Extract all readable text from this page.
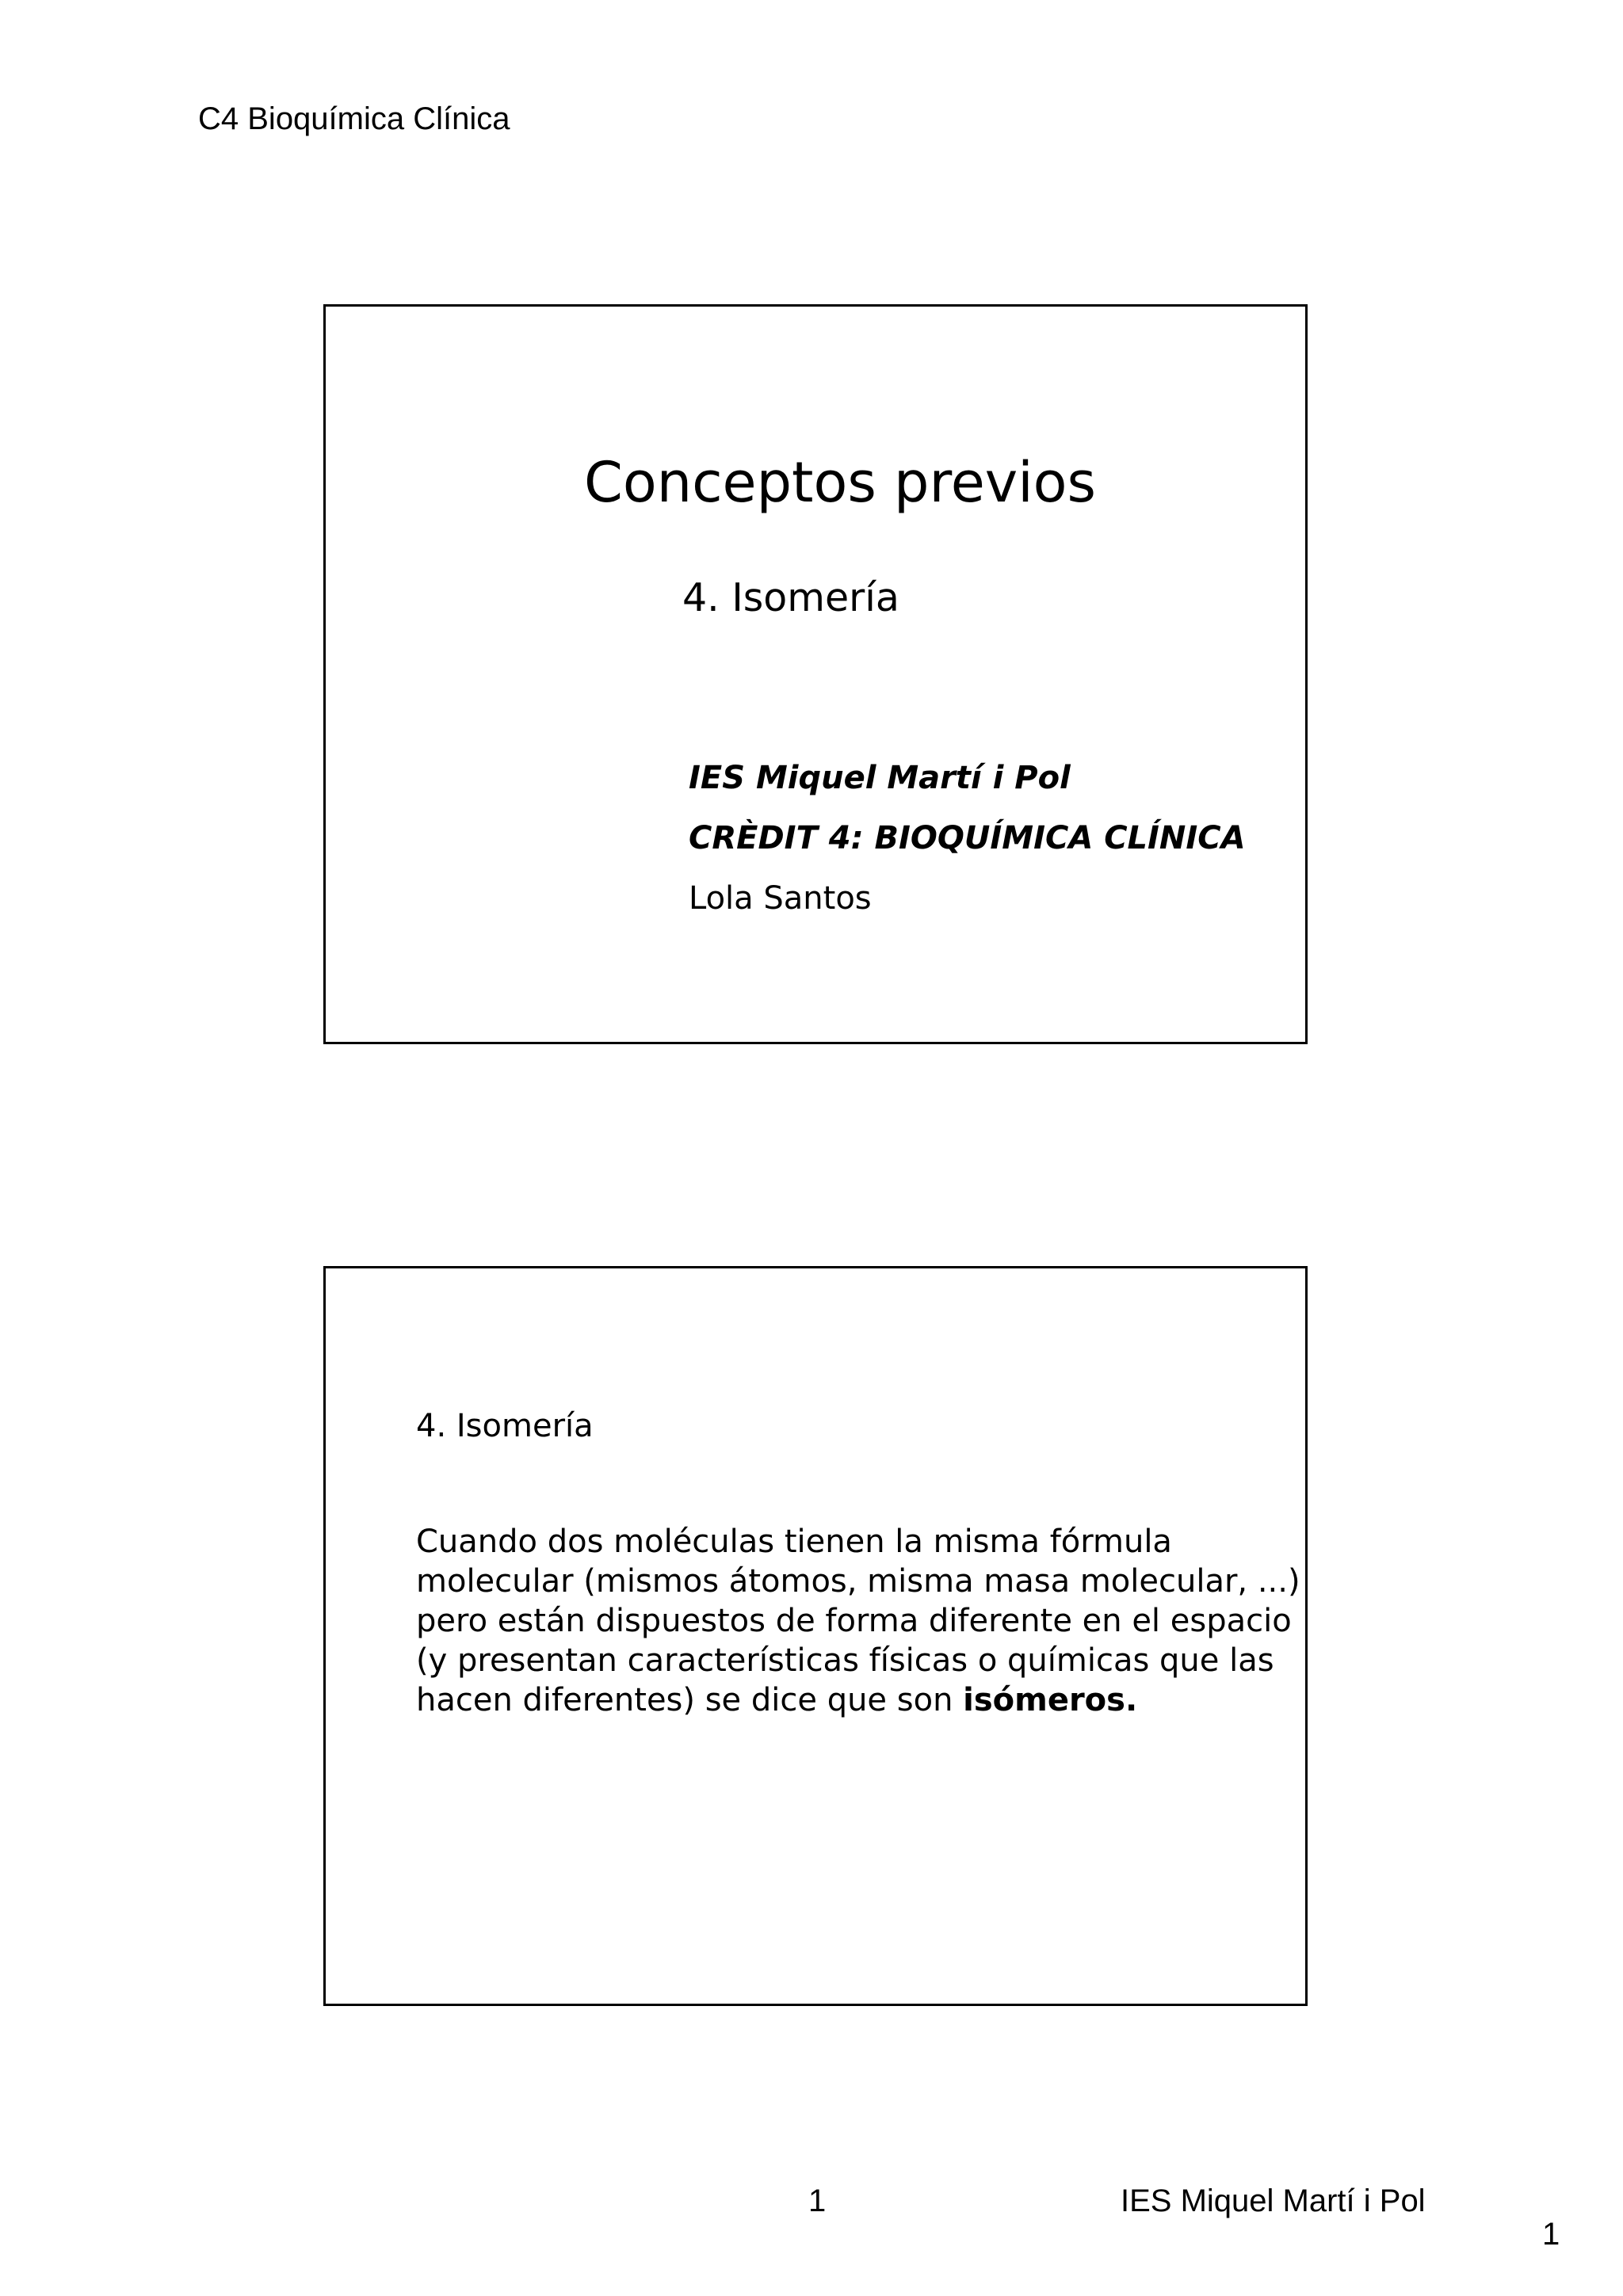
C4 Bioquímica Clínica
Conceptos previos
4. Isomería
IES Miquel Martí i Pol
CRÈDIT 4: BIOQUÍMICA CLÍNICA
Lola Santos
4. Isomería
Cuando dos moléculas tienen la misma fórmula
molecular (mismos átomos, misma masa molecular, ...)
pero están dispuestos de forma diferente en el espacio
(y presentan características físicas o químicas que las
hacen diferentes) se dice que son isómeros.
1	IES Miquel Martí i Pol
1
